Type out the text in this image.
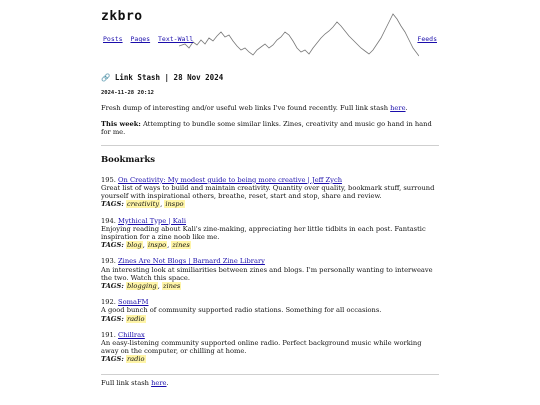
zkbro
Posts Pages Text-Wall	Feeds
🔗 Link Stash | 28 Nov 2024
2024-11-28 20:12

Fresh dump of interesting and/or useful web links I've found recently. Full link stash here.

This week: Attempting to bundle some similar links. Zines, creativity and music go hand in hand for me.

Bookmarks
195. On Creativity: My modest guide to being more creative | Jeff Zych
Great list of ways to build and maintain creativity. Quantity over quality, bookmark stuff, surround yourself with inspirational others, breathe, reset, start and stop, share and review.
TAGS: creativity, inspo
194. Mythical Type | Kali
Enjoying reading about Kali's zine-making, appreciating her little tidbits in each post. Fantastic inspiration for a zine noob like me.
TAGS: blog, inspo, zines
193. Zines Are Not Blogs | Barnard Zine Library
An interesting look at similiarities between zines and blogs. I'm personally wanting to interweave the two. Watch this space.
TAGS: blogging, zines
192. SomaFM
A good bunch of community supported radio stations. Something for all occasions.
TAGS: radio
191. Chillrax
An easy-listening community supported online radio. Perfect background music while working away on the computer, or chilling at home.
TAGS: radio

Full link stash here.
